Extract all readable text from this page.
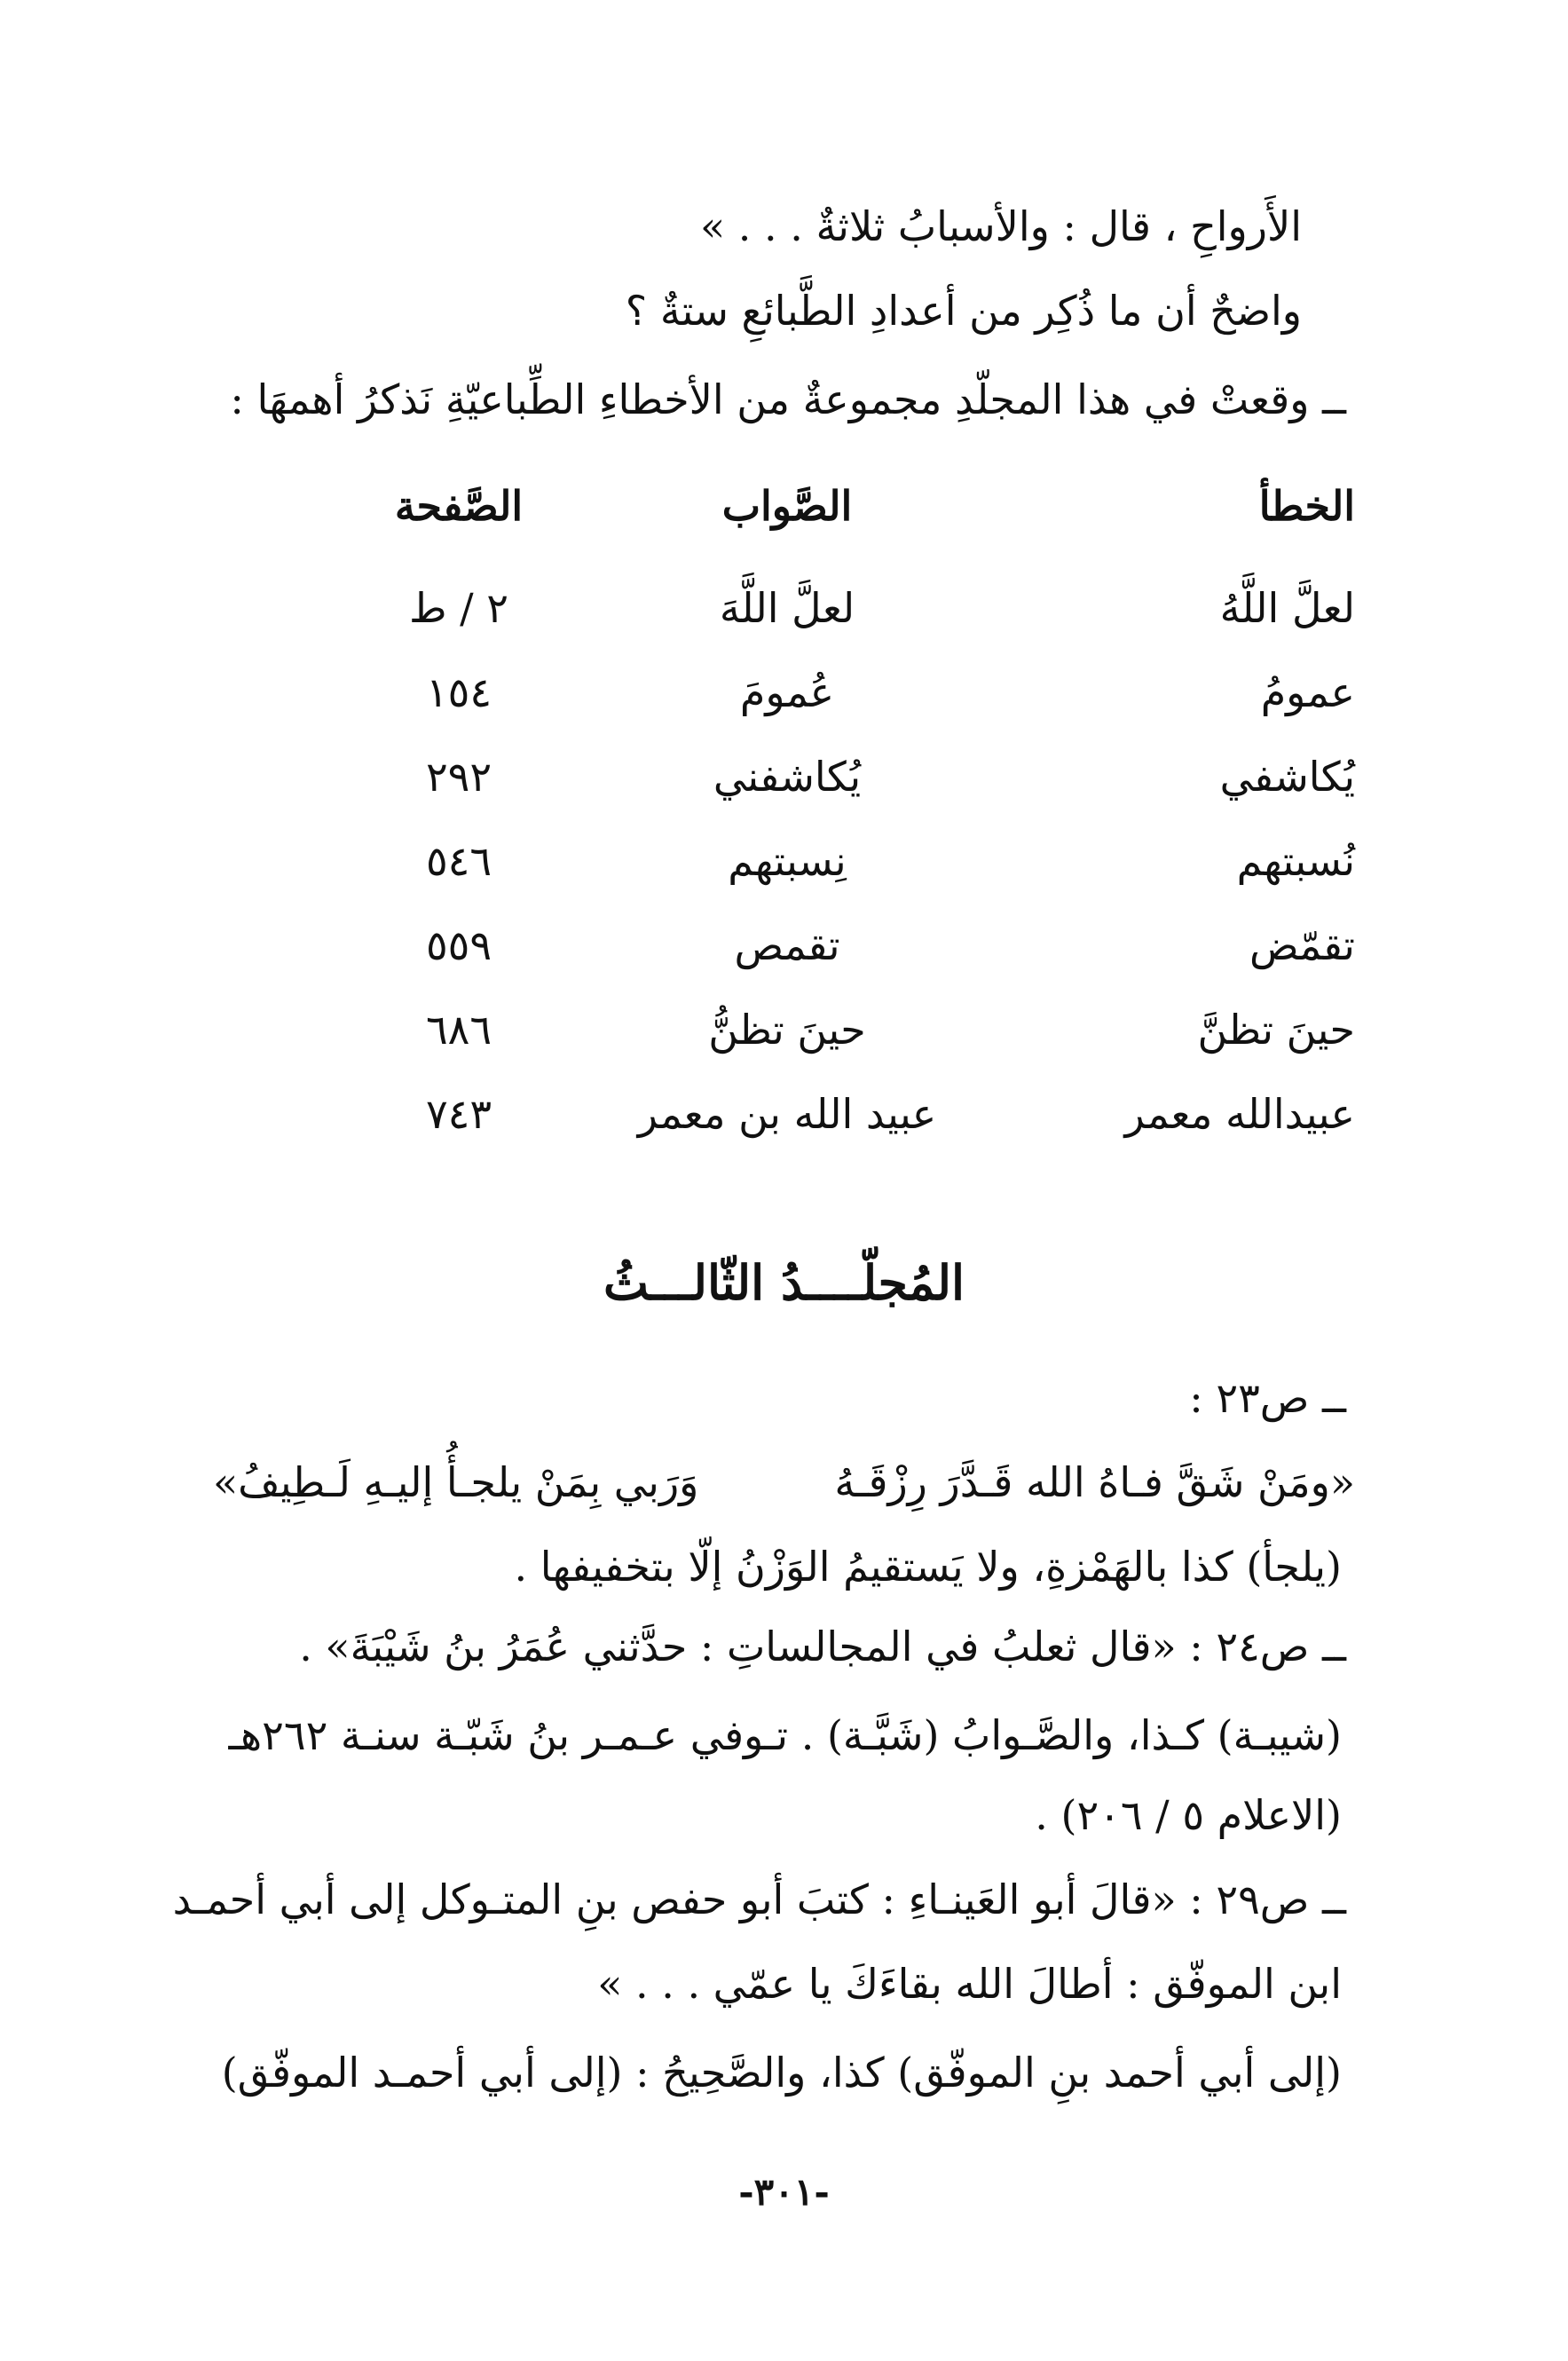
الأَرواحِ ، قال : والأسبابُ ثلاثةٌ . . . »
واضحٌ أن ما ذُكِر من أعدادِ الطَّبائعِ ستةٌ ؟
ــ وقعتْ في هذا المجلّدِ مجموعةٌ من الأخطاءِ الطِّباعيّةِ نَذكرُ أهمهَا :
الخطأ
الصَّواب
الصَّفحة
لعلَّ اللَّهُ
لعلَّ اللَّهَ
٢ / ط
عمومُ
عُمومَ
١٥٤
يُكاشفي
يُكاشفني
٢٩٢
نُسبتهم
نِسبتهم
٥٤٦
تقمّض
تقمص
٥٥٩
حينَ تظنَّ
حينَ تظنُّ
٦٨٦
عبيدالله معمر
عبيد الله بن معمر
٧٤٣
المُجلّــــدُ الثّالـــثُ
ــ ص٢٣ :
«ومَنْ شَقَّ فـاهُ الله قَـدَّرَ رِزْقَـهُ
وَرَبي بِمَنْ يلجـأُ إليـهِ لَـطِيفُ»
(يلجأ) كذا بالهَمْزةِ، ولا يَستقيمُ الوَزْنُ إلّا بتخفيفها .
ــ ص٢٤ : «قال ثعلبُ في المجالساتِ : حدَّثني عُمَرُ بنُ شَيْبَةَ» .
(شيبـة) كـذا، والصَّـوابُ (شَبَّـة) . تـوفي عـمـر بنُ شَبّـة سنـة ٢٦٢هـ
(الاعلام ٥ / ٢٠٦) .
ــ ص٢٩ : «قالَ أبو العَينـاءِ : كتبَ أبو حفص بنِ المتـوكل إلى أبي أحمـد
ابن الموفّق : أطالَ الله بقاءَكَ يا عمّي . . . »
(إلى أبي أحمد بنِ الموفّق) كذا، والصَّحِيحُ : (إلى أبي أحمـد الموفّق)
-٣٠١-
